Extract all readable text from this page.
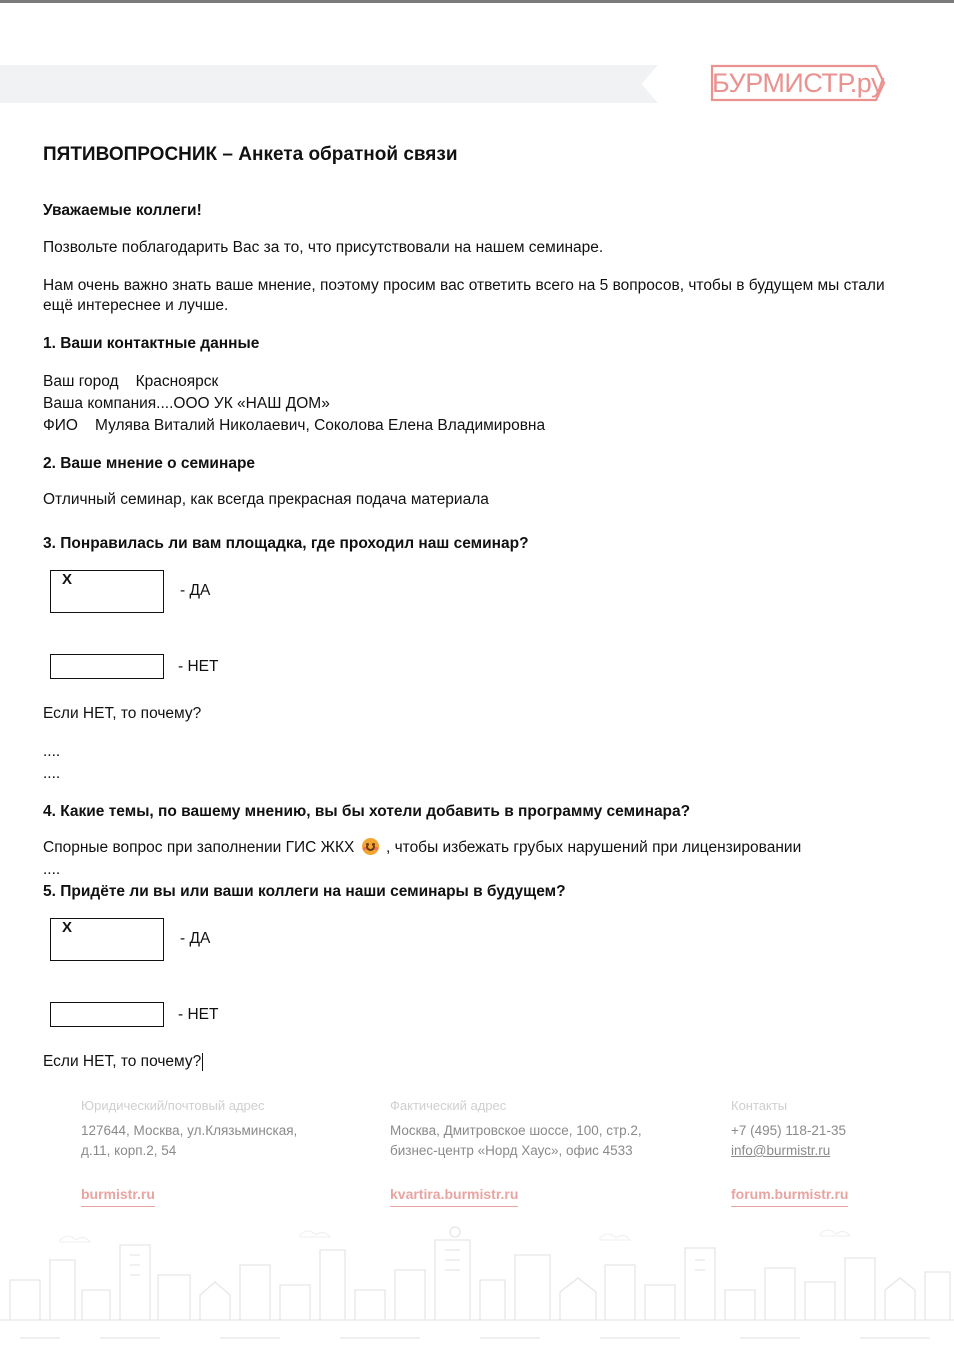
БУРМИСТР.ру
ПЯТИВОПРОСНИК – Анкета обратной связи
Уважаемые коллеги!
Позвольте поблагодарить Вас за то, что присутствовали на нашем семинаре.
Нам очень важно знать ваше мнение, поэтому просим вас ответить всего на 5 вопросов, чтобы в будущем мы стали
ещё интереснее и лучше.
1. Ваши контактные данные
Ваш город Красноярск
Ваша компания....ООО УК «НАШ ДОМ»
ФИО Мулява Виталий Николаевич, Соколова Елена Владимировна
2. Ваше мнение о семинаре
Отличный семинар, как всегда прекрасная подача материала
3. Понравилась ли вам площадка, где проходил наш семинар?
X
- ДА
- НЕТ
Если НЕТ, то почему?
....
....
4. Какие темы, по вашему мнению, вы бы хотели добавить в программу семинара?
Спорные вопрос при заполнении ГИС ЖКХ , чтобы избежать грубых нарушений при лицензировании
....
5. Придёте ли вы или ваши коллеги на наши семинары в будущем?
X
- ДА
- НЕТ
Если НЕТ, то почему?
Юридический/почтовый адрес
127644, Москва, ул.Клязьминская,
д.11, корп.2, 54
burmistr.ru
Фактический адрес
Москва, Дмитровское шоссе, 100, стр.2,
бизнес-центр «Норд Хаус», офис 4533
kvartira.burmistr.ru
Контакты
+7 (495) 118-21-35
info@burmistr.ru
forum.burmistr.ru
